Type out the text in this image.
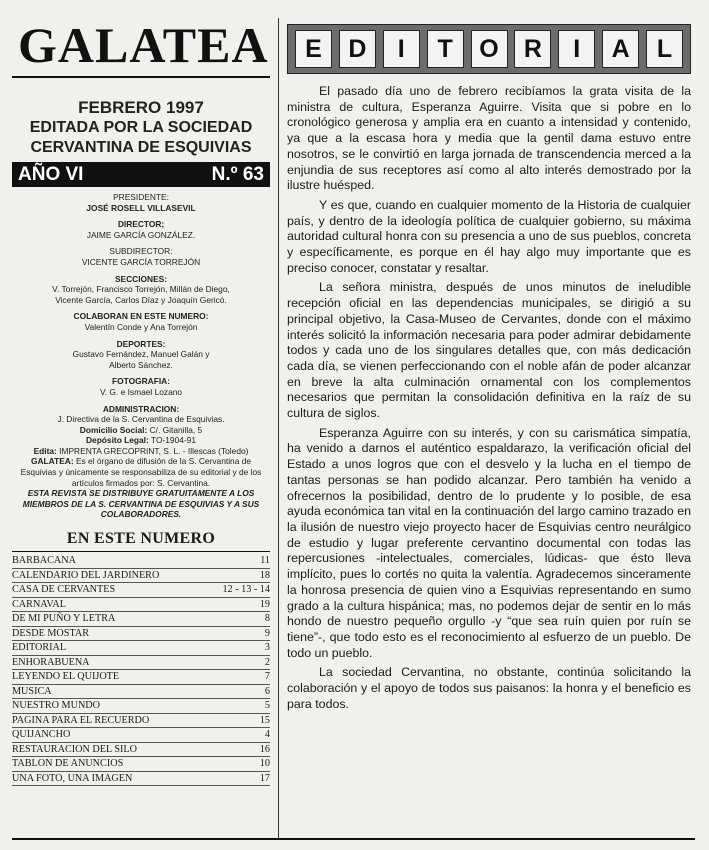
GALATEA
FEBRERO 1997
EDITADA POR LA SOCIEDAD
CERVANTINA DE ESQUIVIAS
AÑO VI	N.º 63
PRESIDENTE:
JOSÉ ROSELL VILLASEVIL
DIRECTOR;
JAIME GARCÍA GONZÁLEZ.
SUBDIRECTOR:
VICENTE GARCÍA TORREJÓN
SECCIONES:
V. Torrejón, Francisco Torrejón, Millán de Diego,
Vicente García, Carlos Díaz y Joaquín Gericó.
COLABORAN EN ESTE NUMERO:
Valentín Conde y Ana Torrejón
DEPORTES:
Gustavo Fernández, Manuel Galán y
Alberto Sánchez.
FOTOGRAFIA:
V. G. e Ismael Lozano
ADMINISTRACION:
J. Directiva de la S. Cervantina de Esquivias.
Domicilio Social: C/. Gitanilla, 5
Depósito Legal: TO-1904-91
Edita: IMPRENTA GRECOPRINT, S. L. - Illescas (Toledo)
GALATEA: Es el órgano de difusión de la S. Cervantina de
Esquivias y únicamente se responsabiliza de su editorial y de los
artículos firmados por: S. Cervantina.
ESTA REVISTA SE DISTRIBUYE GRATUITAMENTE A LOS
MIEMBROS DE LA S. CERVANTINA DE ESQUIVIAS Y A SUS
COLABORADORES.
EN ESTE NUMERO
BARBACANA	11
CALENDARIO DEL JARDINERO	18
CASA DE CERVANTES	12 - 13 - 14
CARNAVAL	19
DE MI PUÑO Y LETRA	8
DESDE MOSTAR	9
EDITORIAL	3
ENHORABUENA	2
LEYENDO EL QUIJOTE	7
MUSICA	6
NUESTRO MUNDO	5
PAGINA PARA EL RECUERDO	15
QUIJANCHO	4
RESTAURACION DEL SILO	16
TABLON DE ANUNCIOS	10
UNA FOTO, UNA IMAGEN	17
E	D	I	T	O	R	I	A	L

El pasado día uno de febrero recibíamos la grata visita de la ministra de cultura, Esperanza Aguirre. Visita que si pobre en lo cronológico generosa y amplia era en cuanto a intensidad y contenido, ya que a la escasa hora y media que la gentil dama estuvo entre nosotros, se le convirtió en larga jornada de transcendencia merced a la enjundia de sus receptores así como al alto interés demostrado por la ilustre huésped.

Y es que, cuando en cualquier momento de la Historia de cualquier país, y dentro de la ideología política de cualquier gobierno, su máxima autoridad cultural honra con su presencia a uno de sus pueblos, concreta y específicamente, es porque en él hay algo muy importante que es preciso conocer, constatar y resaltar.

La señora ministra, después de unos minutos de ineludible recepción oficial en las dependencias municipales, se dirigió a su principal objetivo, la Casa-Museo de Cervantes, donde con el máximo interés solicitó la información necesaria para poder admirar debidamente todos y cada uno de los singulares detalles que, con más dedicación cada día, se vienen perfeccionando con el noble afán de poder alcanzar en breve la alta culminación ornamental con los complementos necesarios que permitan la consolidación definitiva en la raíz de su cultura de siglos.

Esperanza Aguirre con su interés, y con su carismática simpatía, ha venido a darnos el auténtico espaldarazo, la verificación oficial del Estado a unos logros que con el desvelo y la lucha en el tiempo de tantas personas se han podido alcanzar. Pero también ha venido a ofrecernos la posibilidad, dentro de lo prudente y lo posible, de esa ayuda económica tan vital en la continuación del largo camino trazado en la ilusión de nuestro viejo proyecto hacer de Esquivias centro neurálgico de estudio y lugar preferente cervantino documental con todas las repercusiones -intelectuales, comerciales, lúdicas- que ésto lleva implícito, pues lo cortés no quita la valentía. Agradecemos sinceramente la honrosa presencia de quien vino a Esquivias representando en sumo grado a la cultura hispánica; mas, no podemos dejar de sentir en lo más hondo de nuestro pequeño orgullo -y “que sea ruín quien por ruín se tiene”-, que todo esto es el reconocimiento al esfuerzo de un pueblo. De todo un pueblo.

La sociedad Cervantina, no obstante, continúa solicitando la colaboración y el apoyo de todos sus paisanos: la honra y el beneficio es para todos.
